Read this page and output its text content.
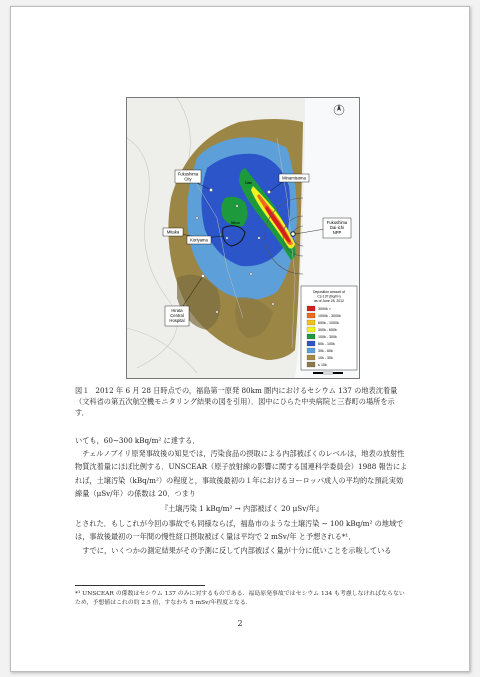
Fukushima
City	Minamisoma
Date
Nihon
Mitaka
Koriyama
Fukushima
Dai-ichi
NPP
Hirata
Central
Hospital
Deposition amount of
Cs-137 (Bq/m²)
as of June 28, 2012
3000k <
1000k - 3000k
600k - 1000k
300k - 600k
100k - 300k
60k - 100k
30k - 60k
10k - 30k
≤ 10k
図１ 2012 年 6 月 28 日時点での，福島第一原発 80km 圏内におけるセシウム 137 の地表沈着量（文科省の第五次航空機モニタリング結果の図を引用）．図中にひらた中央病院と三春町の場所を示す．

いても，60∼300 kBq/m² に達する．

チェルノブイリ原発事故後の知見では，汚染食品の摂取による内部被ばくのレベルは，地表の放射性物質沈着量にほぼ比例する．UNSCEAR（原子放射線の影響に関する国連科学委員会）1988 報告によれば，土壌汚染（kBq/m²）の程度と，事故後最初の１年におけるヨーロッパ成人の平均的な預託実効線量（μSv/年）の係数は 20．つまり

『土壌汚染 1 kBq/m² → 内部被ばく 20 μSv/年』

とされた．もしこれが今回の事故でも同様ならば，福島市のような土壌汚染 ∼ 100 kBq/m² の地域では，事故後最初の一年間の慢性経口摂取被ばく量は平均で 2 mSv/年 と予想される*¹．

すでに，いくつかの測定結果がその予測に反して内部被ばく量が十分に低いことを示唆している

*¹ UNSCEAR の係数はセシウム 137 のみに対するものである．福島原発事故ではセシウム 134 も考慮しなければならないため，予想値はこれの約 2.5 倍，すなわち 5 mSv/年程度となる．
2
